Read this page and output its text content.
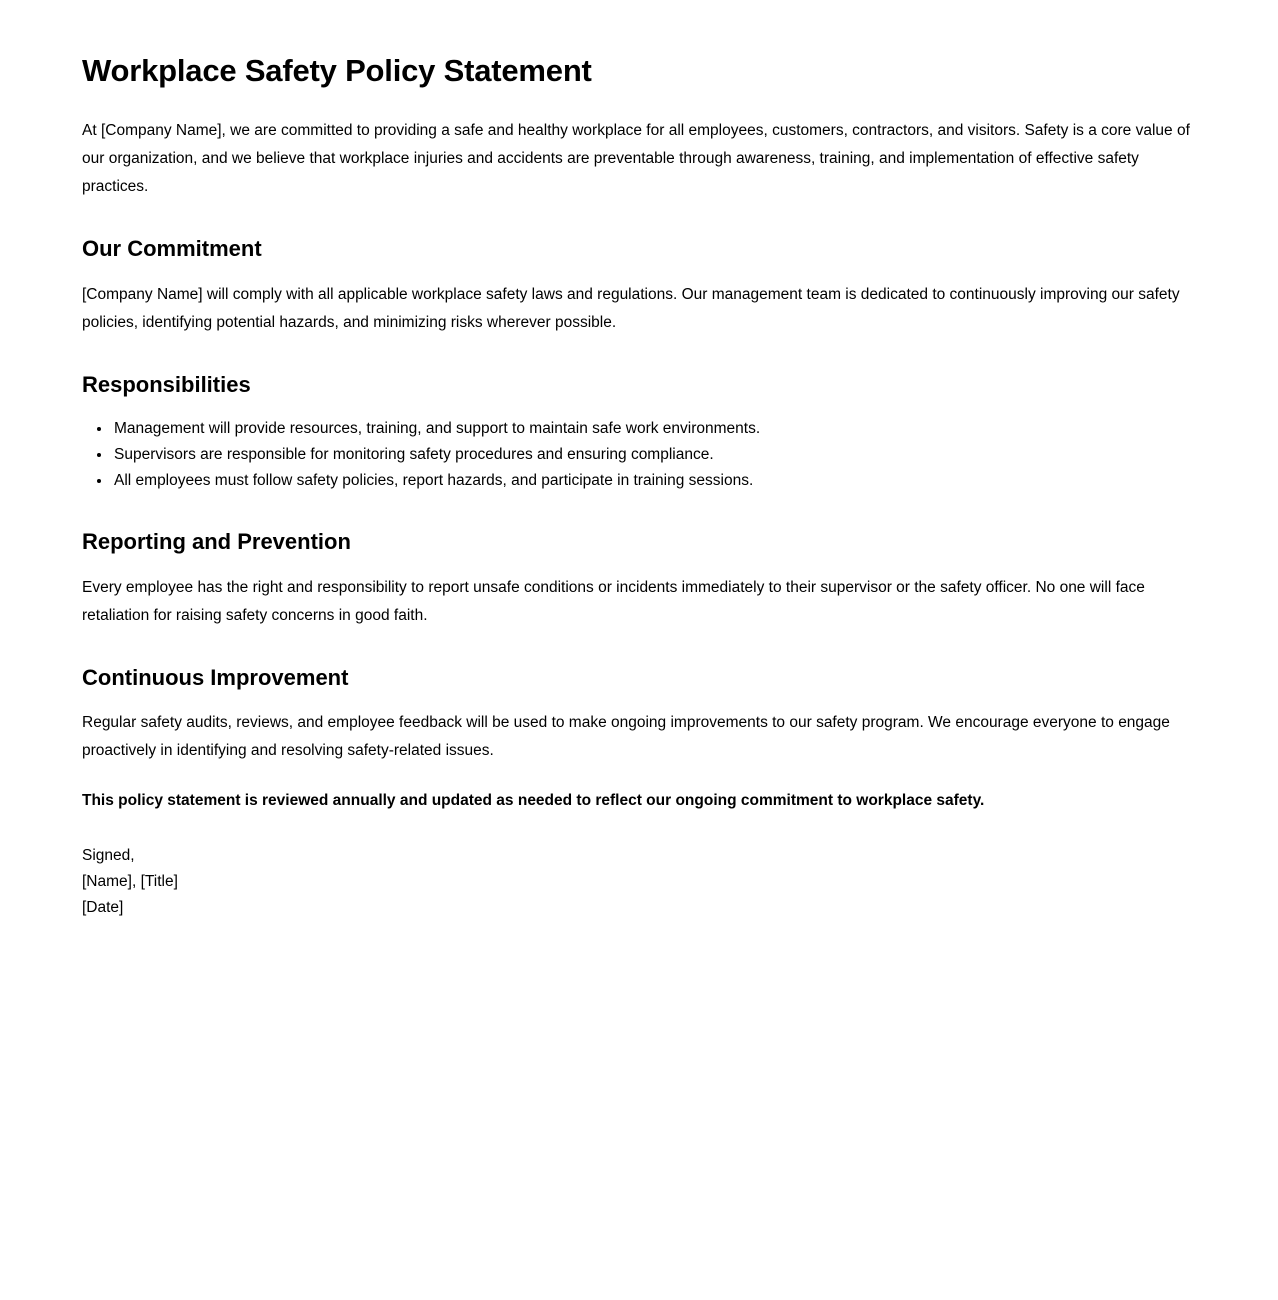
Workplace Safety Policy Statement

At [Company Name], we are committed to providing a safe and healthy workplace for all employees, customers, contractors, and visitors. Safety is a core value of our organization, and we believe that workplace injuries and accidents are preventable through awareness, training, and implementation of effective safety practices.

Our Commitment

[Company Name] will comply with all applicable workplace safety laws and regulations. Our management team is dedicated to continuously improving our safety policies, identifying potential hazards, and minimizing risks wherever possible.

Responsibilities
• Management will provide resources, training, and support to maintain safe work environments.
• Supervisors are responsible for monitoring safety procedures and ensuring compliance.
• All employees must follow safety policies, report hazards, and participate in training sessions.
Reporting and Prevention

Every employee has the right and responsibility to report unsafe conditions or incidents immediately to their supervisor or the safety officer. No one will face retaliation for raising safety concerns in good faith.

Continuous Improvement

Regular safety audits, reviews, and employee feedback will be used to make ongoing improvements to our safety program. We encourage everyone to engage proactively in identifying and resolving safety-related issues.

This policy statement is reviewed annually and updated as needed to reflect our ongoing commitment to workplace safety.

Signed,
[Name], [Title]
[Date]
